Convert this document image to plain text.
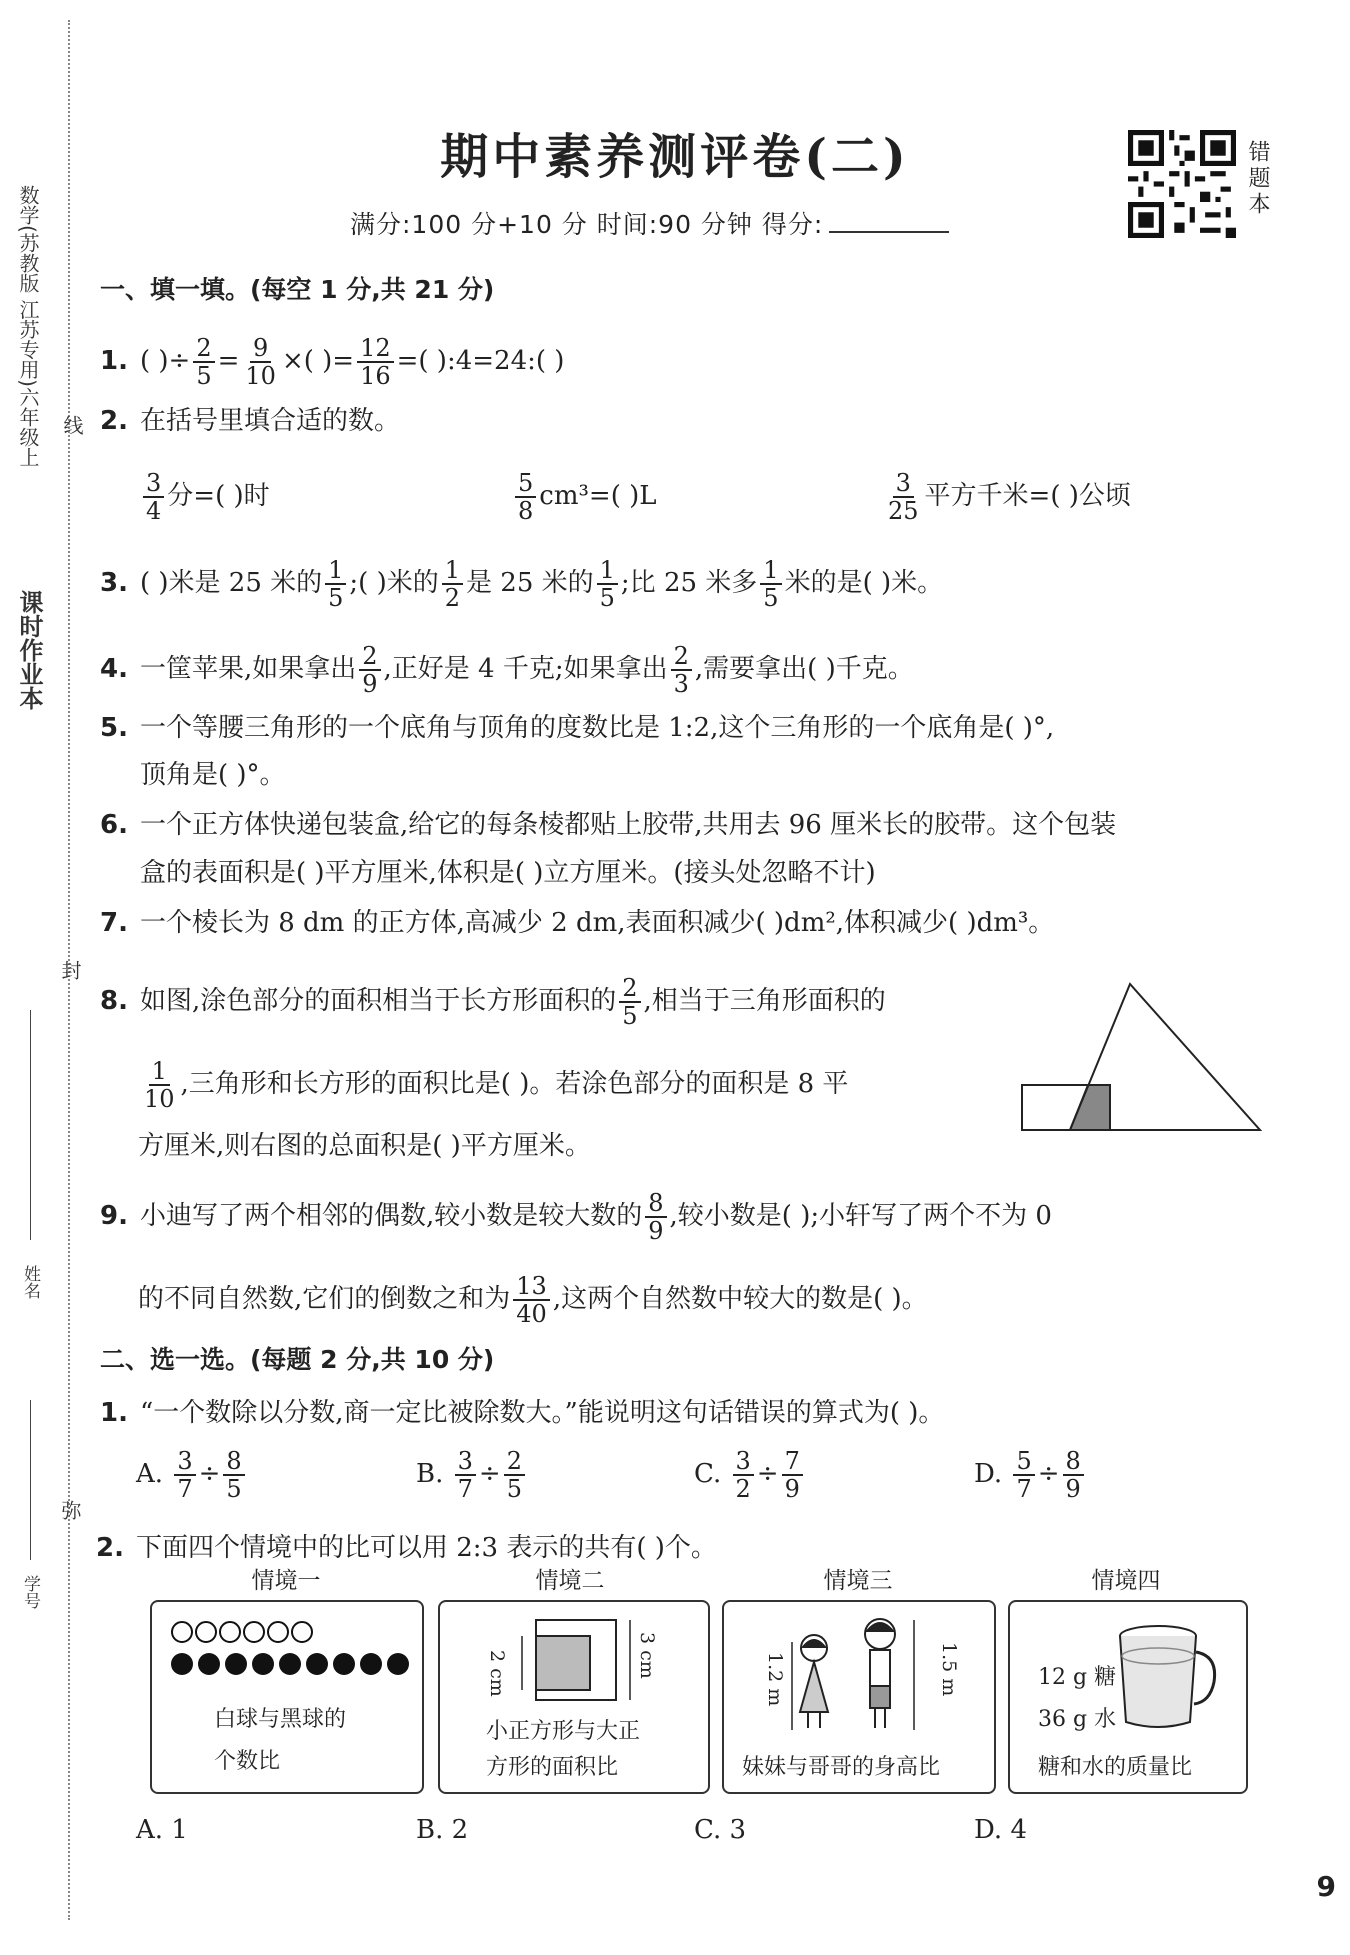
课时作业本
数学(苏教版 江苏专用)六年级上 线
封
弥
姓名
学号
期中素养测评卷(二)
满分:100 分+10 分 时间:90 分钟 得分:
错题本
一、填一填。(每空 1 分,共 21 分)
1. ( )÷ $\frac{2}{5} = \frac{9}{10}$ ×( )= $\frac{12}{16}$ =( ):4=24:( )
2. 在括号里填合适的数。
$\frac{3}{4}$ 分=( )时	$\frac{5}{8} cm^3=$( )L	$\frac{3}{25}$ 平方千米=( )公顷
3. ( )米是 25 米的 $\frac{1}{5}$ ;( )米的 $\frac{1}{2}$ 是 25 米的 $\frac{1}{5}$ ;比 25 米多 $\frac{1}{5}$ 米的是( )米。
4. 一筐苹果,如果拿出 $\frac{2}{9}$ ,正好是 4 千克;如果拿出 $\frac{2}{3}$ ,需要拿出( )千克。
5. 一个等腰三角形的一个底角与顶角的度数比是 1:2,这个三角形的一个底角是( )°,
顶角是( )°。
6. 一个正方体快递包装盒,给它的每条棱都贴上胶带,共用去 96 厘米长的胶带。这个包装
盒的表面积是( )平方厘米,体积是( )立方厘米。(接头处忽略不计)
7. 一个棱长为 8 dm 的正方体,高减少 2 dm,表面积减少( )dm²,体积减少( )dm³。
8. 如图,涂色部分的面积相当于长方形面积的 $\frac{2}{5}$ ,相当于三角形面积的
$\frac{1}{10}$ ,三角形和长方形的面积比是( )。若涂色部分的面积是 8 平
方厘米,则右图的总面积是( )平方厘米。
9. 小迪写了两个相邻的偶数,较小数是较大数的 $\frac{8}{9}$ ,较小数是( );小轩写了两个不为 0
的不同自然数,它们的倒数之和为 $\frac{13}{40}$ ,这两个自然数中较大的数是( )。
二、选一选。(每题 2 分,共 10 分)
1. “一个数除以分数,商一定比被除数大。”能说明这句话错误的算式为( )。
A. $\frac{3}{7} \div \frac{8}{5}$	B. $\frac{3}{7} \div \frac{2}{5}$	C. $\frac{3}{2} \div \frac{7}{9}$	D. $\frac{5}{7} \div \frac{8}{9}$
2. 下面四个情境中的比可以用 2:3 表示的共有( )个。
情境一	情境二	情境三	情境四
白球与黑球的
个数比
2 cm	3 cm
小正方形与大正
方形的面积比
1.2 m	1.5 m
妹妹与哥哥的身高比
12 g 糖
36 g 水
糖和水的质量比
A. 1	B. 2	C. 3	D. 4
9
